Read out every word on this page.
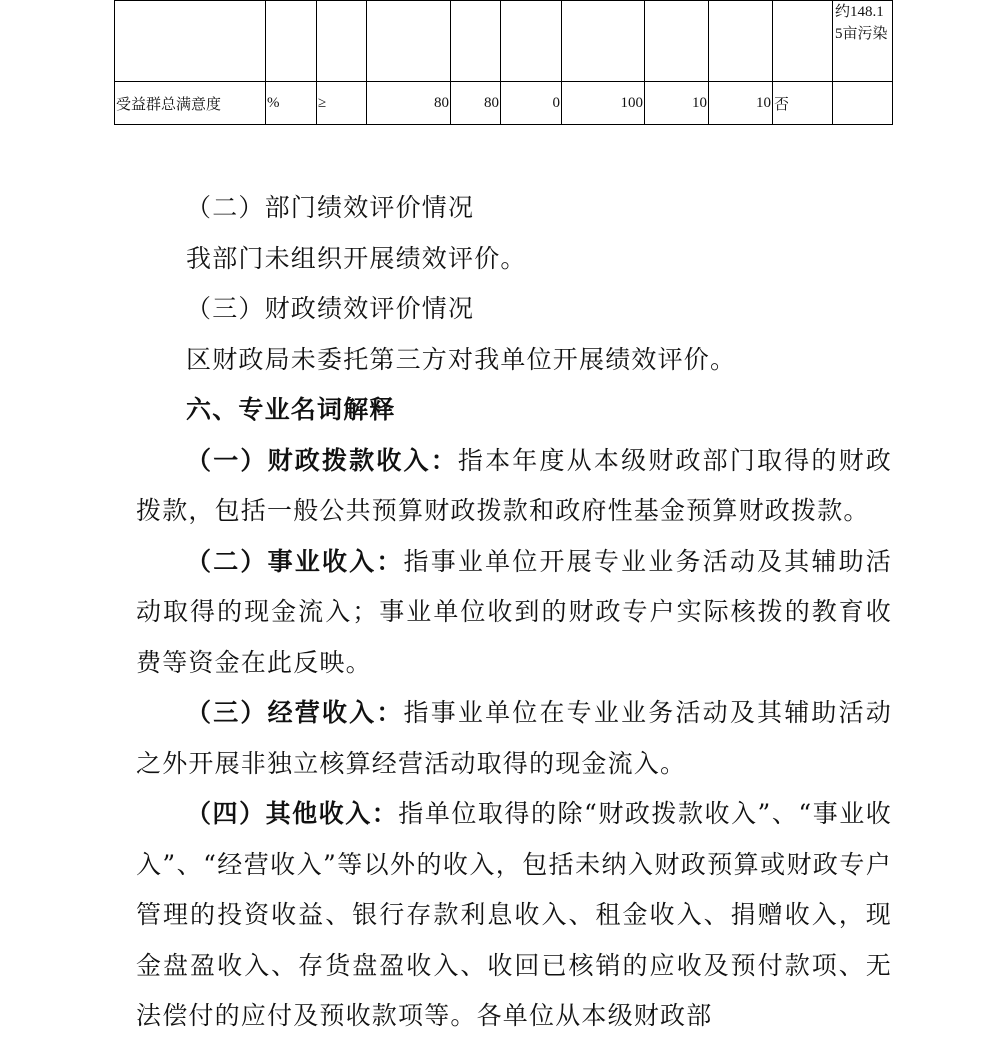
										约148.15亩污染
受益群总满意度	%	≥	80	80	0	100	10	10	否	

（二）部门绩效评价情况

我部门未组织开展绩效评价。

（三）财政绩效评价情况

区财政局未委托第三方对我单位开展绩效评价。

六、专业名词解释

（一）财政拨款收入：指本年度从本级财政部门取得的财政拨款，包括一般公共预算财政拨款和政府性基金预算财政拨款。

（二）事业收入：指事业单位开展专业业务活动及其辅助活动取得的现金流入；事业单位收到的财政专户实际核拨的教育收费等资金在此反映。

（三）经营收入：指事业单位在专业业务活动及其辅助活动之外开展非独立核算经营活动取得的现金流入。

（四）其他收入：指单位取得的除“财政拨款收入”、“事业收入”、“经营收入”等以外的收入，包括未纳入财政预算或财政专户管理的投资收益、银行存款利息收入、租金收入、捐赠收入，现金盘盈收入、存货盘盈收入、收回已核销的应收及预付款项、无法偿付的应付及预收款项等。各单位从本级财政部
